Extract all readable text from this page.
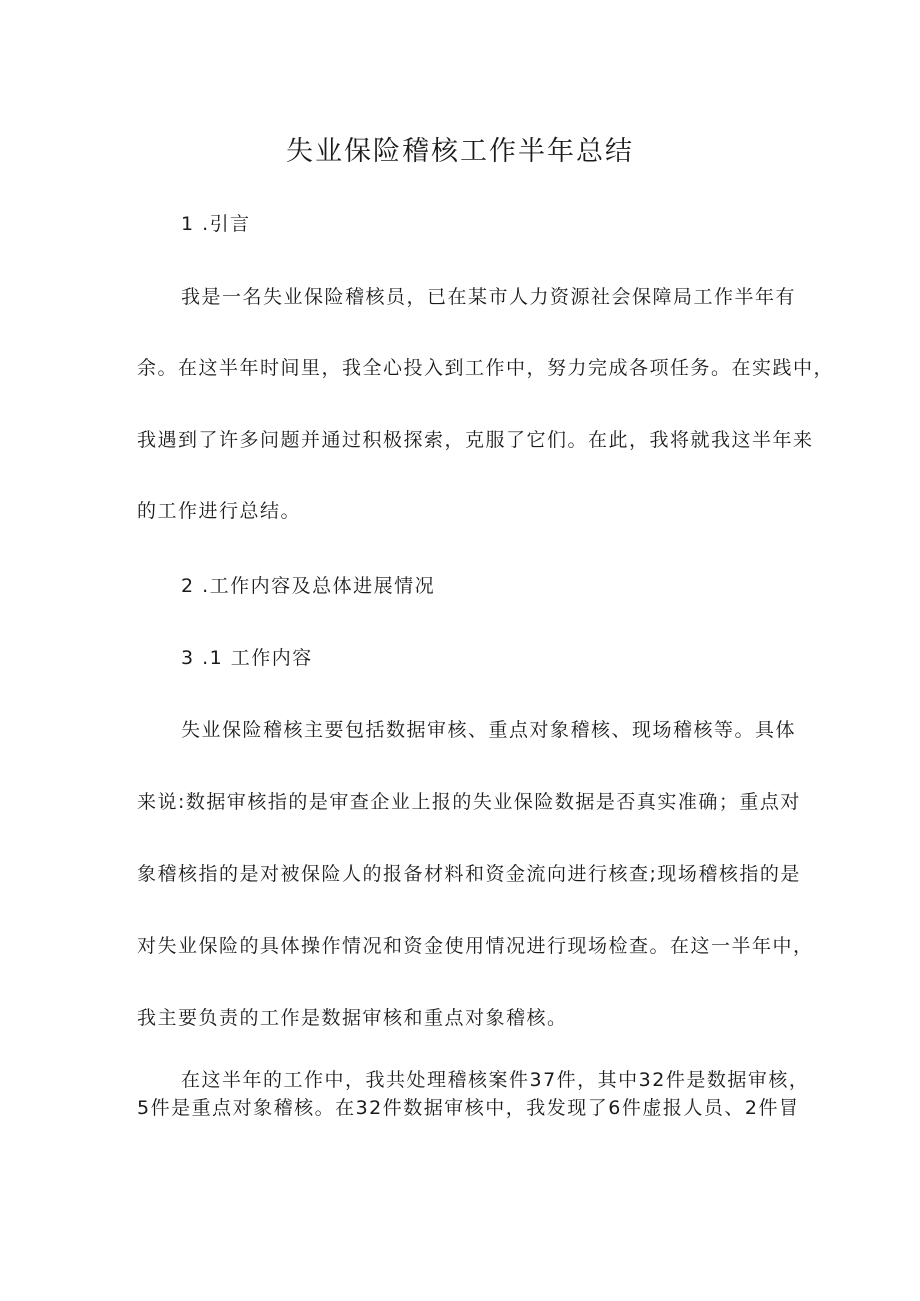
失业保险稽核工作半年总结
1 .引言
我是一名失业保险稽核员，已在某市人力资源社会保障局工作半年有
余。在这半年时间里，我全心投入到工作中，努力完成各项任务。在实践中，
我遇到了许多问题并通过积极探索，克服了它们。在此，我将就我这半年来
的工作进行总结。
2 .工作内容及总体进展情况
3 .1 工作内容
失业保险稽核主要包括数据审核、重点对象稽核、现场稽核等。具体
来说:数据审核指的是审查企业上报的失业保险数据是否真实准确；重点对
象稽核指的是对被保险人的报备材料和资金流向进行核查;现场稽核指的是
对失业保险的具体操作情况和资金使用情况进行现场检查。在这一半年中，
我主要负责的工作是数据审核和重点对象稽核。
在这半年的工作中，我共处理稽核案件37件，其中32件是数据审核，
5件是重点对象稽核。在32件数据审核中，我发现了6件虚报人员、2件冒
